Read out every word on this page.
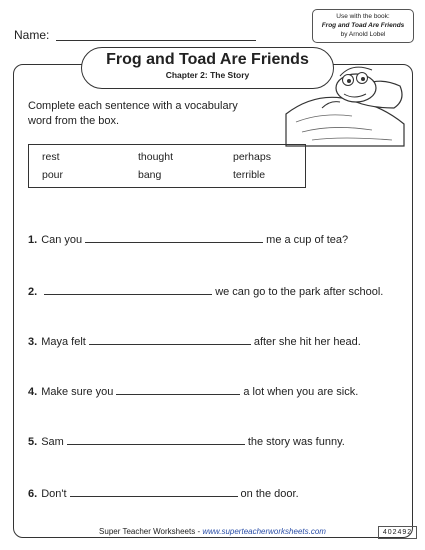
Name:
Use with the book:
Frog and Toad Are Friends
by Arnold Lobel
Frog and Toad Are Friends
Chapter 2: The Story
Complete each sentence with a vocabulary word from the box.
rest	thought	perhaps
pour	bang	terrible
1. Can you	me a cup of tea?
2.	we can go to the park after school.
3. Maya felt	after she hit her head.
4. Make sure you	a lot when you are sick.
5. Sam	the story was funny.
6. Don't	on the door.
Super Teacher Worksheets - www.superteacherworksheets.com	402492
